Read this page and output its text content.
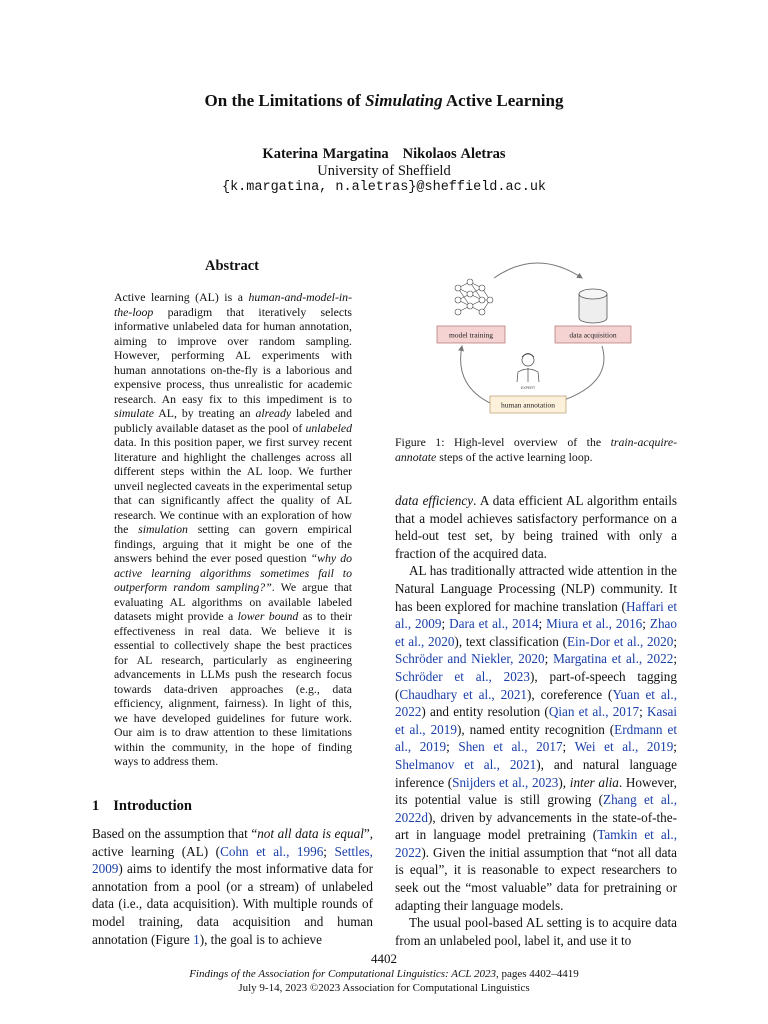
On the Limitations of Simulating Active Learning
Katerina Margatina Nikolaos Aletras
University of Sheffield
{k.margatina, n.aletras}@sheffield.ac.uk
Abstract
Active learning (AL) is a human-and-model-in-the-loop paradigm that iteratively selects informative unlabeled data for human annotation, aiming to improve over random sampling. However, performing AL experiments with human annotations on-the-fly is a laborious and expensive process, thus unrealistic for academic research. An easy fix to this impediment is to simulate AL, by treating an already labeled and publicly available dataset as the pool of unlabeled data. In this position paper, we first survey recent literature and highlight the challenges across all different steps within the AL loop. We further unveil neglected caveats in the experimental setup that can significantly affect the quality of AL research. We continue with an exploration of how the simulation setting can govern empirical findings, arguing that it might be one of the answers behind the ever posed question “why do active learning algorithms sometimes fail to outperform random sampling?”. We argue that evaluating AL algorithms on available labeled datasets might provide a lower bound as to their effectiveness in real data. We believe it is essential to collectively shape the best practices for AL research, particularly as engineering advancements in LLMs push the research focus towards data-driven approaches (e.g., data efficiency, alignment, fairness). In light of this, we have developed guidelines for future work. Our aim is to draw attention to these limitations within the community, in the hope of finding ways to address them.
1 Introduction
Based on the assumption that “not all data is equal”, active learning (AL) (Cohn et al., 1996; Settles, 2009) aims to identify the most informative data for annotation from a pool (or a stream) of unlabeled data (i.e., data acquisition). With multiple rounds of model training, data acquisition and human annotation (Figure 1), the goal is to achieve
model training	data acquisition
EXPERT
human annotation
Figure 1: High-level overview of the train-acquire-annotate steps of the active learning loop.

data efficiency. A data efficient AL algorithm entails that a model achieves satisfactory performance on a held-out test set, by being trained with only a fraction of the acquired data.

AL has traditionally attracted wide attention in the Natural Language Processing (NLP) community. It has been explored for machine translation (Haffari et al., 2009; Dara et al., 2014; Miura et al., 2016; Zhao et al., 2020), text classification (Ein-Dor et al., 2020; Schröder and Niekler, 2020; Margatina et al., 2022; Schröder et al., 2023), part-of-speech tagging (Chaudhary et al., 2021), coreference (Yuan et al., 2022) and entity resolution (Qian et al., 2017; Kasai et al., 2019), named entity recognition (Erdmann et al., 2019; Shen et al., 2017; Wei et al., 2019; Shelmanov et al., 2021), and natural language inference (Snijders et al., 2023), inter alia. However, its potential value is still growing (Zhang et al., 2022d), driven by advancements in the state-of-the-art in language model pretraining (Tamkin et al., 2022). Given the initial assumption that “not all data is equal”, it is reasonable to expect researchers to seek out the “most valuable” data for pretraining or adapting their language models.

The usual pool-based AL setting is to acquire data from an unlabeled pool, label it, and use it to

4402
Findings of the Association for Computational Linguistics: ACL 2023, pages 4402–4419
July 9-14, 2023 ©2023 Association for Computational Linguistics
